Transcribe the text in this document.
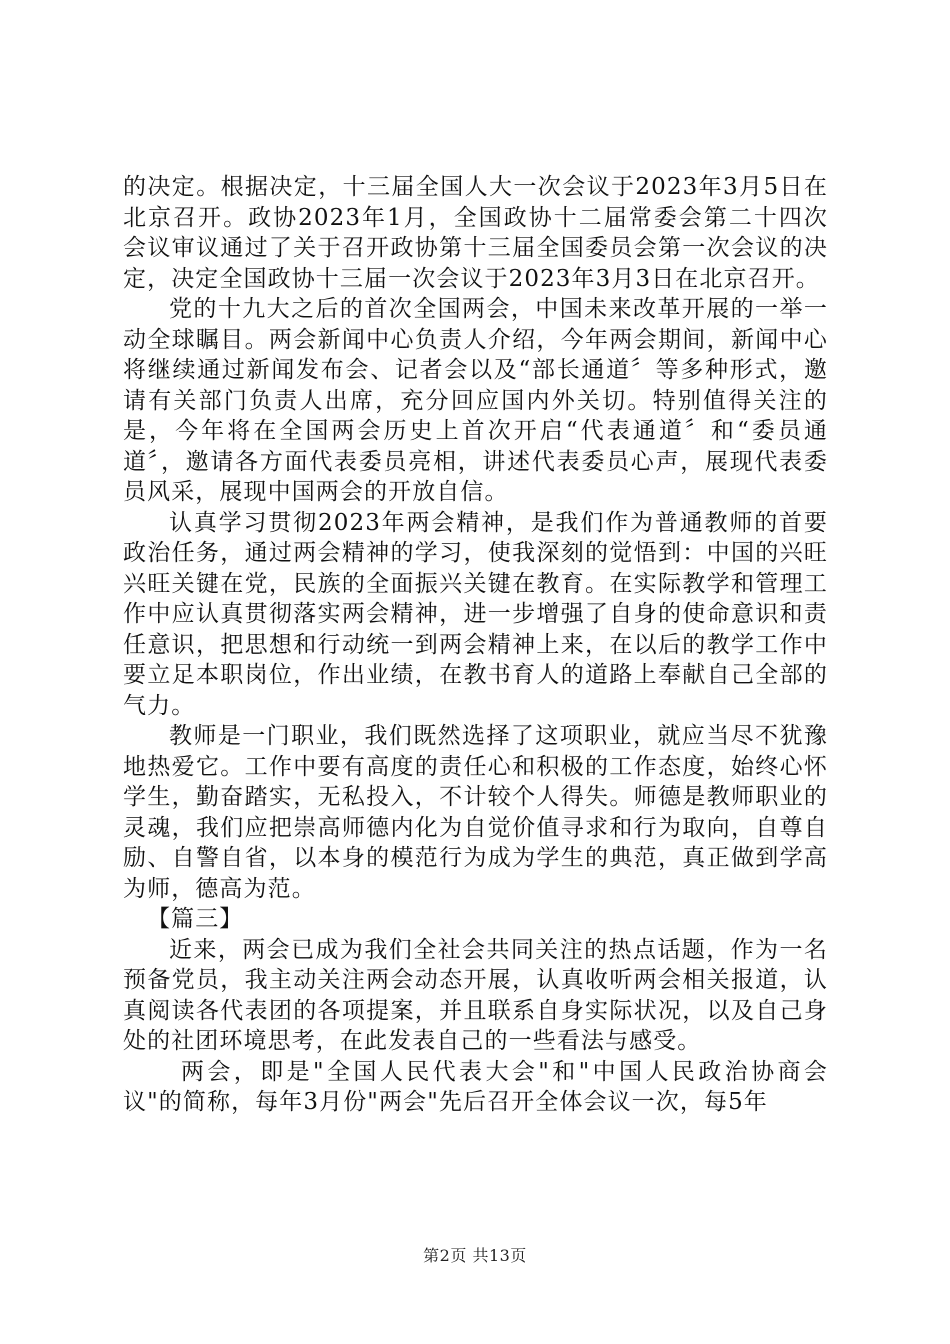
的决定。根据决定，十三届全国人大一次会议于2023年3月5日在北京召开。政协2023年1月，全国政协十二届常委会第二十四次会议审议通过了关于召开政协第十三届全国委员会第一次会议的决定，决定全国政协十三届一次会议于2023年3月3日在北京召开。

党的十九大之后的首次全国两会，中国未来改革开展的一举一动全球瞩目。两会新闻中心负责人介绍，今年两会期间，新闻中心将继续通过新闻发布会、记者会以及“部长通道〞等多种形式，邀请有关部门负责人出席，充分回应国内外关切。特别值得关注的是，今年将在全国两会历史上首次开启“代表通道〞和“委员通道〞，邀请各方面代表委员亮相，讲述代表委员心声，展现代表委员风采，展现中国两会的开放自信。

认真学习贯彻2023年两会精神，是我们作为普通教师的首要政治任务，通过两会精神的学习，使我深刻的觉悟到：中国的兴旺兴旺关键在党，民族的全面振兴关键在教育。在实际教学和管理工作中应认真贯彻落实两会精神，进一步增强了自身的使命意识和责任意识，把思想和行动统一到两会精神上来，在以后的教学工作中要立足本职岗位，作出业绩，在教书育人的道路上奉献自己全部的气力。

教师是一门职业，我们既然选择了这项职业，就应当尽不犹豫地热爱它。工作中要有高度的责任心和积极的工作态度，始终心怀学生，勤奋踏实，无私投入，不计较个人得失。师德是教师职业的灵魂，我们应把崇高师德内化为自觉价值寻求和行为取向，自尊自励、自警自省，以本身的模范行为成为学生的典范，真正做到学高为师，德高为范。

【篇三】

近来，两会已成为我们全社会共同关注的热点话题，作为一名预备党员，我主动关注两会动态开展，认真收听两会相关报道，认真阅读各代表团的各项提案，并且联系自身实际状况，以及自己身处的社团环境思考，在此发表自己的一些看法与感受。

两会，即是"全国人民代表大会"和"中国人民政治协商会议"的简称，每年3月份"两会"先后召开全体会议一次，每5年

第2页 共13页
